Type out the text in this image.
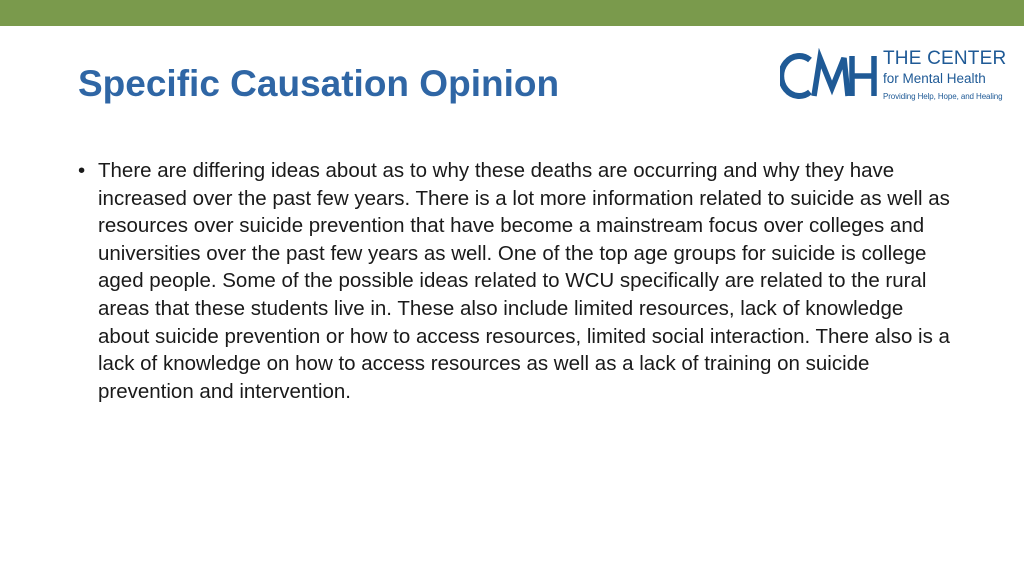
Specific Causation Opinion
THE CENTER
for Mental Health
Providing Help, Hope, and Healing
• There are differing ideas about as to why these deaths are occurring and why they have increased over the past few years. There is a lot more information related to suicide as well as resources over suicide prevention that have become a mainstream focus over colleges and universities over the past few years as well. One of the top age groups for suicide is college aged people. Some of the possible ideas related to WCU specifically are related to the rural areas that these students live in. These also include limited resources, lack of knowledge about suicide prevention or how to access resources, limited social interaction. There also is a lack of knowledge on how to access resources as well as a lack of training on suicide prevention and intervention.
